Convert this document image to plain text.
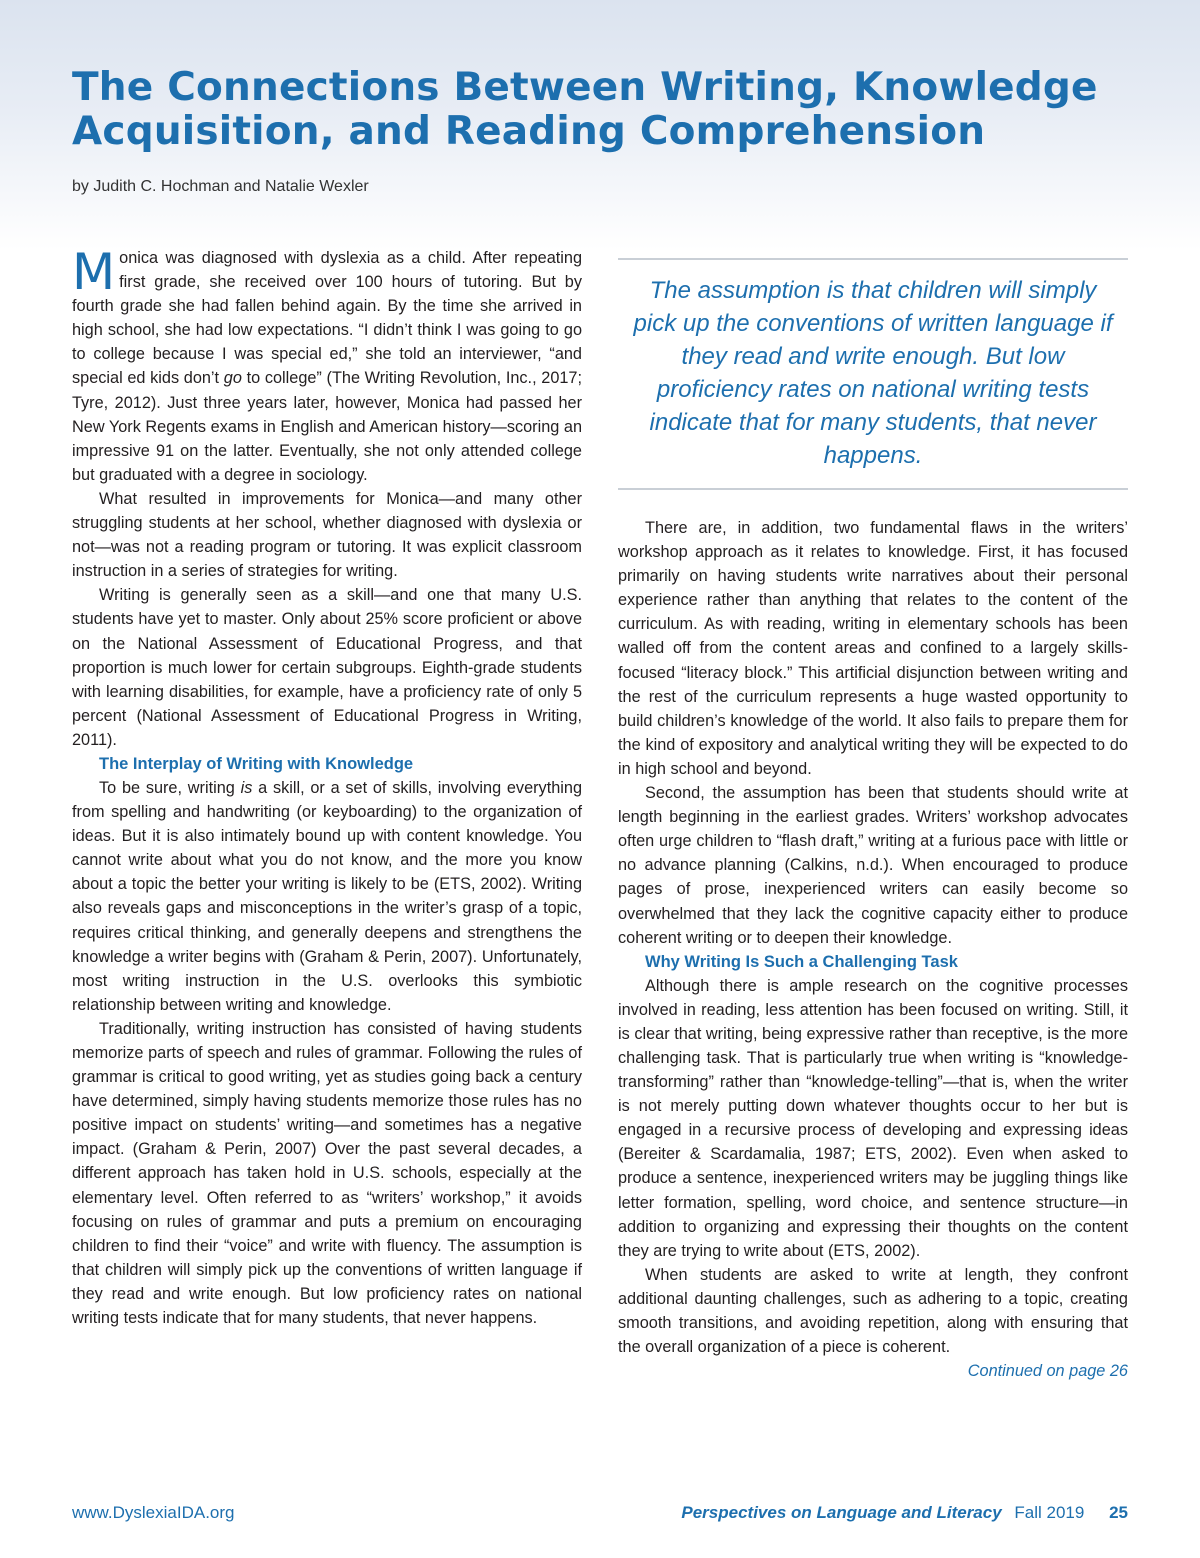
The Connections Between Writing, Knowledge
Acquisition, and Reading Comprehension

by Judith C. Hochman and Natalie Wexler

Monica was diagnosed with dyslexia as a child. After repeating first grade, she received over 100 hours of tutoring. But by fourth grade she had fallen behind again. By the time she arrived in high school, she had low expectations. “I didn’t think I was going to go to college because I was special ed,” she told an interviewer, “and special ed kids don’t go to college” (The Writing Revolution, Inc., 2017; Tyre, 2012). Just three years later, however, Monica had passed her New York Regents exams in English and American history—scoring an impressive 91 on the latter. Eventually, she not only attended college but graduated with a degree in sociology.

What resulted in improvements for Monica—and many other struggling students at her school, whether diagnosed with dyslexia or not—was not a reading program or tutoring. It was explicit classroom instruction in a series of strategies for writing.

Writing is generally seen as a skill—and one that many U.S. students have yet to master. Only about 25% score proficient or above on the National Assessment of Educational Progress, and that proportion is much lower for certain subgroups. Eighth-grade students with learning disabilities, for example, have a proficiency rate of only 5 percent (National Assessment of Educational Progress in Writing, 2011).

The Interplay of Writing with Knowledge

To be sure, writing is a skill, or a set of skills, involving everything from spelling and handwriting (or keyboarding) to the organization of ideas. But it is also intimately bound up with content knowledge. You cannot write about what you do not know, and the more you know about a topic the better your writing is likely to be (ETS, 2002). Writing also reveals gaps and misconceptions in the writer’s grasp of a topic, requires critical thinking, and generally deepens and strengthens the knowledge a writer begins with (Graham & Perin, 2007). Unfortunately, most writing instruction in the U.S. overlooks this symbiotic relationship between writing and knowledge.

Traditionally, writing instruction has consisted of having students memorize parts of speech and rules of grammar. Following the rules of grammar is critical to good writing, yet as studies going back a century have determined, simply having students memorize those rules has no positive impact on students’ writing—and sometimes has a negative impact. (Graham & Perin, 2007) Over the past several decades, a different approach has taken hold in U.S. schools, especially at the elementary level. Often referred to as “writers’ workshop,” it avoids focusing on rules of grammar and puts a premium on encouraging children to find their “voice” and write with fluency. The assumption is that children will simply pick up the conventions of written language if they read and write enough. But low proficiency rates on national writing tests indicate that for many students, that never happens.

The assumption is that children will simply pick up the conventions of written language if they read and write enough. But low proficiency rates on national writing tests indicate that for many students, that never happens.

There are, in addition, two fundamental flaws in the writers’ workshop approach as it relates to knowledge. First, it has focused primarily on having students write narratives about their personal experience rather than anything that relates to the content of the curriculum. As with reading, writing in elementary schools has been walled off from the content areas and confined to a largely skills-focused “literacy block.” This artificial disjunction between writing and the rest of the curriculum represents a huge wasted opportunity to build children’s knowledge of the world. It also fails to prepare them for the kind of expository and analytical writing they will be expected to do in high school and beyond.

Second, the assumption has been that students should write at length beginning in the earliest grades. Writers’ workshop advocates often urge children to “flash draft,” writing at a furious pace with little or no advance planning (Calkins, n.d.). When encouraged to produce pages of prose, inexperienced writers can easily become so overwhelmed that they lack the cognitive capacity either to produce coherent writing or to deepen their knowledge.

Why Writing Is Such a Challenging Task

Although there is ample research on the cognitive processes involved in reading, less attention has been focused on writing. Still, it is clear that writing, being expressive rather than receptive, is the more challenging task. That is particularly true when writing is “knowledge-transforming” rather than “knowledge-telling”—that is, when the writer is not merely putting down whatever thoughts occur to her but is engaged in a recursive process of developing and expressing ideas (Bereiter & Scardamalia, 1987; ETS, 2002). Even when asked to produce a sentence, inexperienced writers may be juggling things like letter formation, spelling, word choice, and sentence structure—in addition to organizing and expressing their thoughts on the content they are trying to write about (ETS, 2002).

When students are asked to write at length, they confront additional daunting challenges, such as adhering to a topic, creating smooth transitions, and avoiding repetition, along with ensuring that the overall organization of a piece is coherent.

Continued on page 26

www.DyslexiaIDA.org	Perspectives on Language and Literacy Fall 2019 25
